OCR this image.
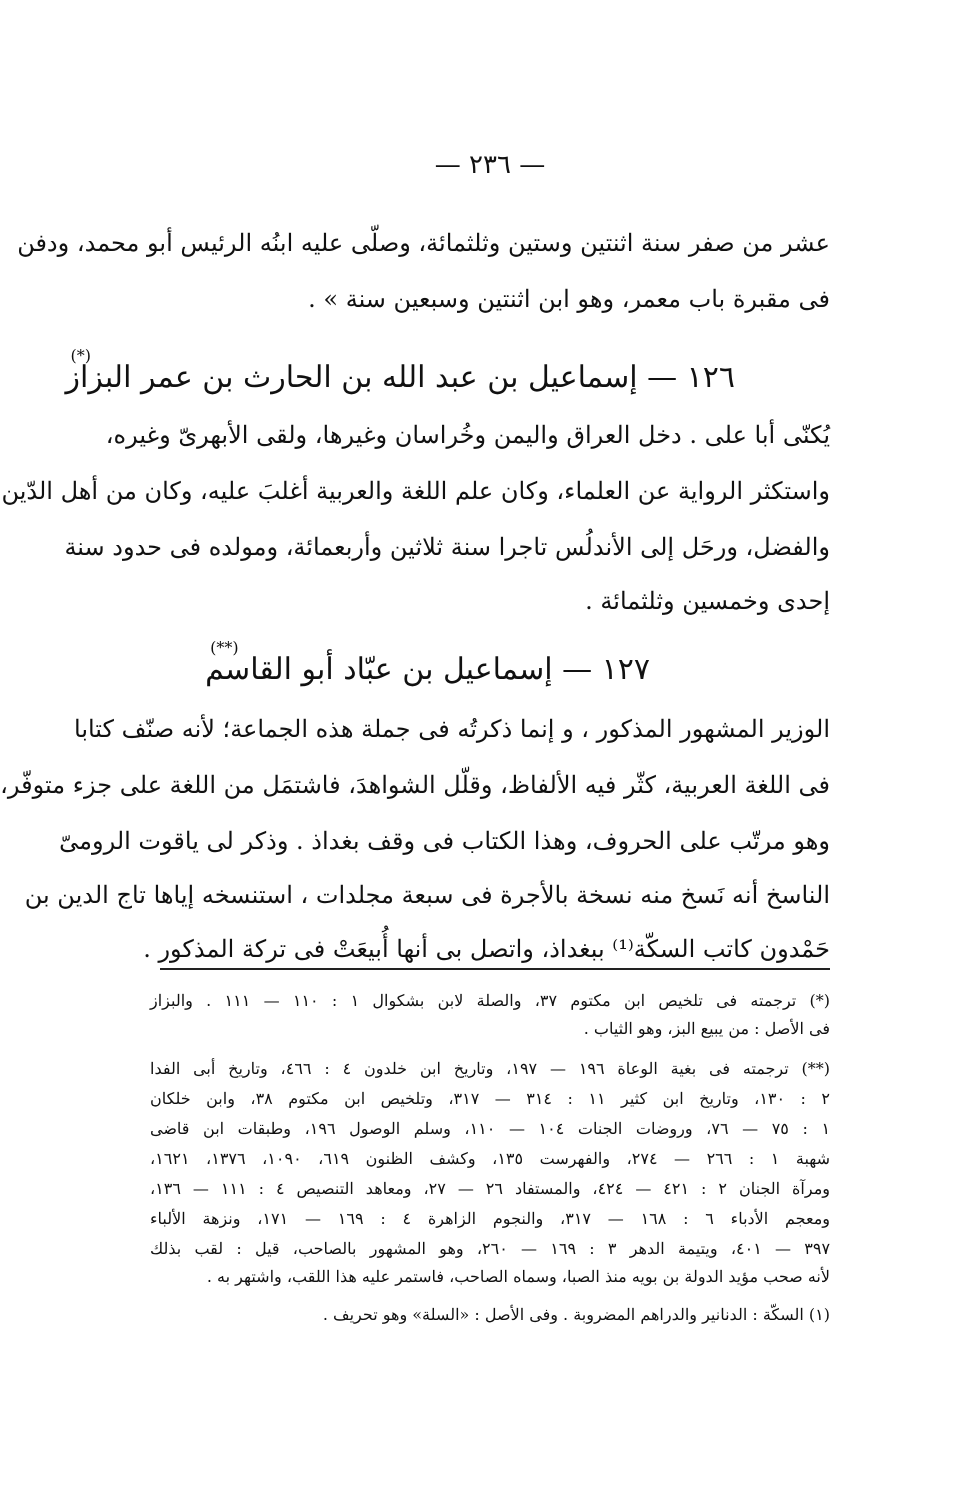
— ٢٣٦ —
عشر من صفر سنة اثنتين وستين وثلثمائة، وصلّى عليه ابنُه الرئيس أبو محمد، ودفن
فى مقبرة باب معمر، وهو ابن اثنتين وسبعين سنة » .
١٢٦ — إسماعيل بن عبد الله بن الحارث بن عمر البزاز
(*)
يُكنّى أبا على . دخل العراق واليمن وخُراسان وغيرها، ولقى الأبهرىّ وغيره،
واستكثر الرواية عن العلماء، وكان علم اللغة والعربية أغلبَ عليه، وكان من أهل الدّين
والفضل، ورحَل إلى الأندلُس تاجرا سنة ثلاثين وأربعمائة، ومولده فى حدود سنة
إحدى وخمسين وثلثمائة .
١٢٧ — إسماعيل بن عبّاد أبو القاسم
(**)
الوزير المشهور المذكور ، و إنما ذكرتُه فى جملة هذه الجماعة؛ لأنه صنّف كتابا
فى اللغة العربية، كثّر فيه الألفاظ، وقلّل الشواهدَ، فاشتمَل من اللغة على جزء متوفّر،
وهو مرتّب على الحروف، وهذا الكتاب فى وقف بغداذ . وذكر لى ياقوت الرومىّ
الناسخ أنه نَسخ منه نسخة بالأجرة فى سبعة مجلدات ، استنسخه إياها تاج الدين بن
حَمْدون كاتب السكّة⁽¹⁾ ببغداذ، واتصل بى أنها أُبيعَتْ فى تركة المذكور .
(*) ترجمته فى تلخيص ابن مكتوم ٣٧، والصلة لابن بشكوال ١ : ١١٠ — ١١١ . والبزاز
فى الأصل : من يبيع البز، وهو الثياب .
(**) ترجمته فى بغية الوعاة ١٩٦ — ١٩٧، وتاريخ ابن خلدون ٤ : ٤٦٦، وتاريخ أبى الفدا
٢ : ١٣٠، وتاريخ ابن كثير ١١ : ٣١٤ — ٣١٧، وتلخيص ابن مكتوم ٣٨، وابن خلكان
١ : ٧٥ — ٧٦، وروضات الجنات ١٠٤ — ١١٠، وسلم الوصول ١٩٦، وطبقات ابن قاضى
شهبة ١ : ٢٦٦ — ٢٧٤، والفهرست ١٣٥، وكشف الظنون ٦١٩، ١٠٩٠، ١٣٧٦، ١٦٢١،
ومرآة الجنان ٢ : ٤٢١ — ٤٢٤، والمستفاد ٢٦ — ٢٧، ومعاهد التنصيص ٤ : ١١١ — ١٣٦،
ومعجم الأدباء ٦ : ١٦٨ — ٣١٧، والنجوم الزاهرة ٤ : ١٦٩ — ١٧١، ونزهة الألباء
٣٩٧ — ٤٠١، ويتيمة الدهر ٣ : ١٦٩ — ٢٦٠، وهو المشهور بالصاحب، قيل : لقب بذلك
لأنه صحب مؤيد الدولة بن بويه منذ الصبا، وسماه الصاحب، فاستمر عليه هذا اللقب، واشتهر به .
(١) السكّة : الدنانير والدراهم المضروبة . وفى الأصل : «السلة» وهو تحريف .
